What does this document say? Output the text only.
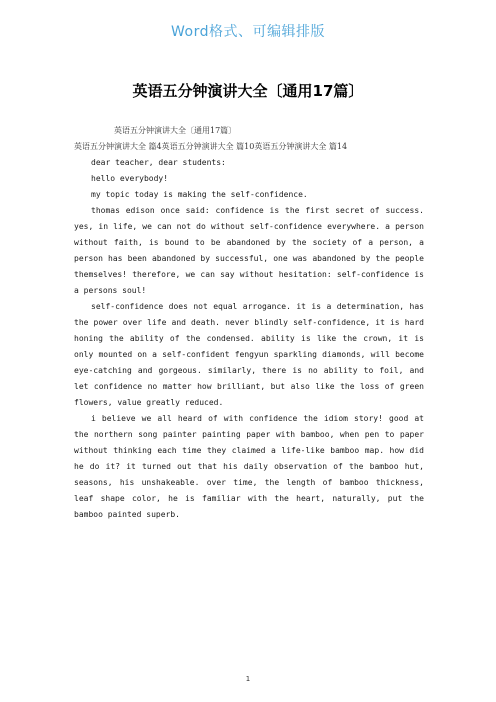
Word格式、可编辑排版
英语五分钟演讲大全〔通用17篇〕

英语五分钟演讲大全〔通用17篇〕

英语五分钟演讲大全 篇4英语五分钟演讲大全 篇10英语五分钟演讲大全 篇14

dear teacher, dear students:

hello everybody!

my topic today is making the self-confidence.

thomas edison once said: confidence is the first secret of success. yes, in life, we can not do without self-confidence everywhere. a person without faith, is bound to be abandoned by the society of a person, a person has been abandoned by successful, one was abandoned by the people themselves! therefore, we can say without hesitation: self-confidence is a persons soul!

self-confidence does not equal arrogance. it is a determination, has the power over life and death. never blindly self-confidence, it is hard honing the ability of the condensed. ability is like the crown, it is only mounted on a self-confident fengyun sparkling diamonds, will become eye-catching and gorgeous. similarly, there is no ability to foil, and let confidence no matter how brilliant, but also like the loss of green flowers, value greatly reduced.

i believe we all heard of with confidence the idiom story! good at the northern song painter painting paper with bamboo, when pen to paper without thinking each time they claimed a life-like bamboo map. how did he do it? it turned out that his daily observation of the bamboo hut, seasons, his unshakeable. over time, the length of bamboo thickness, leaf shape color, he is familiar with the heart, naturally, put the bamboo painted superb.

1
